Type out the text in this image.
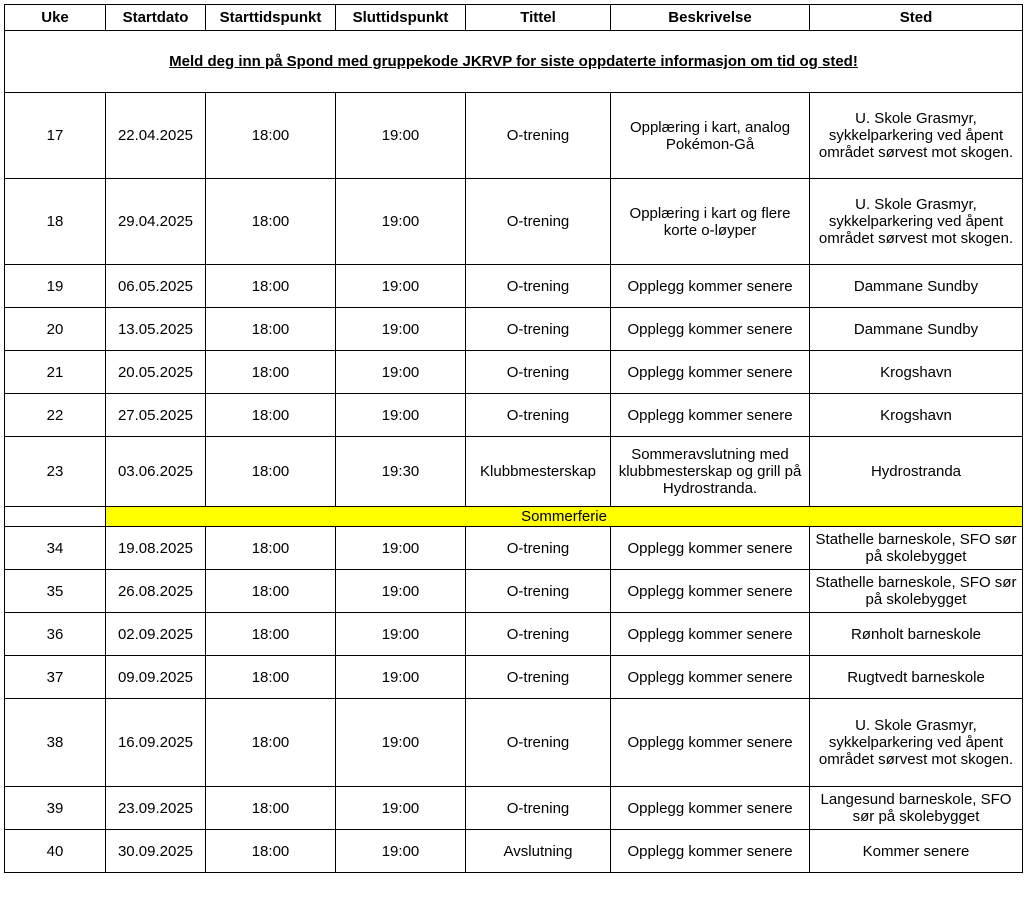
Uke	Startdato	Starttidspunkt	Sluttidspunkt	Tittel	Beskrivelse	Sted
Meld deg inn på Spond med gruppekode JKRVP for siste oppdaterte informasjon om tid og sted!						
17	22.04.2025	18:00	19:00	O-trening	Opplæring i kart, analog Pokémon-Gå	U. Skole Grasmyr, sykkelparkering ved åpent området sørvest mot skogen.
18	29.04.2025	18:00	19:00	O-trening	Opplæring i kart og flere korte o-løyper	U. Skole Grasmyr, sykkelparkering ved åpent området sørvest mot skogen.
19	06.05.2025	18:00	19:00	O-trening	Opplegg kommer senere	Dammane Sundby
20	13.05.2025	18:00	19:00	O-trening	Opplegg kommer senere	Dammane Sundby
21	20.05.2025	18:00	19:00	O-trening	Opplegg kommer senere	Krogshavn
22	27.05.2025	18:00	19:00	O-trening	Opplegg kommer senere	Krogshavn
23	03.06.2025	18:00	19:30	Klubbmesterskap	Sommeravslutning med klubbmesterskap og grill på Hydrostranda.	Hydrostranda
	Sommerferie					
34	19.08.2025	18:00	19:00	O-trening	Opplegg kommer senere	Stathelle barneskole, SFO sør på skolebygget
35	26.08.2025	18:00	19:00	O-trening	Opplegg kommer senere	Stathelle barneskole, SFO sør på skolebygget
36	02.09.2025	18:00	19:00	O-trening	Opplegg kommer senere	Rønholt barneskole
37	09.09.2025	18:00	19:00	O-trening	Opplegg kommer senere	Rugtvedt barneskole
38	16.09.2025	18:00	19:00	O-trening	Opplegg kommer senere	U. Skole Grasmyr, sykkelparkering ved åpent området sørvest mot skogen.
39	23.09.2025	18:00	19:00	O-trening	Opplegg kommer senere	Langesund barneskole, SFO sør på skolebygget
40	30.09.2025	18:00	19:00	Avslutning	Opplegg kommer senere	Kommer senere
